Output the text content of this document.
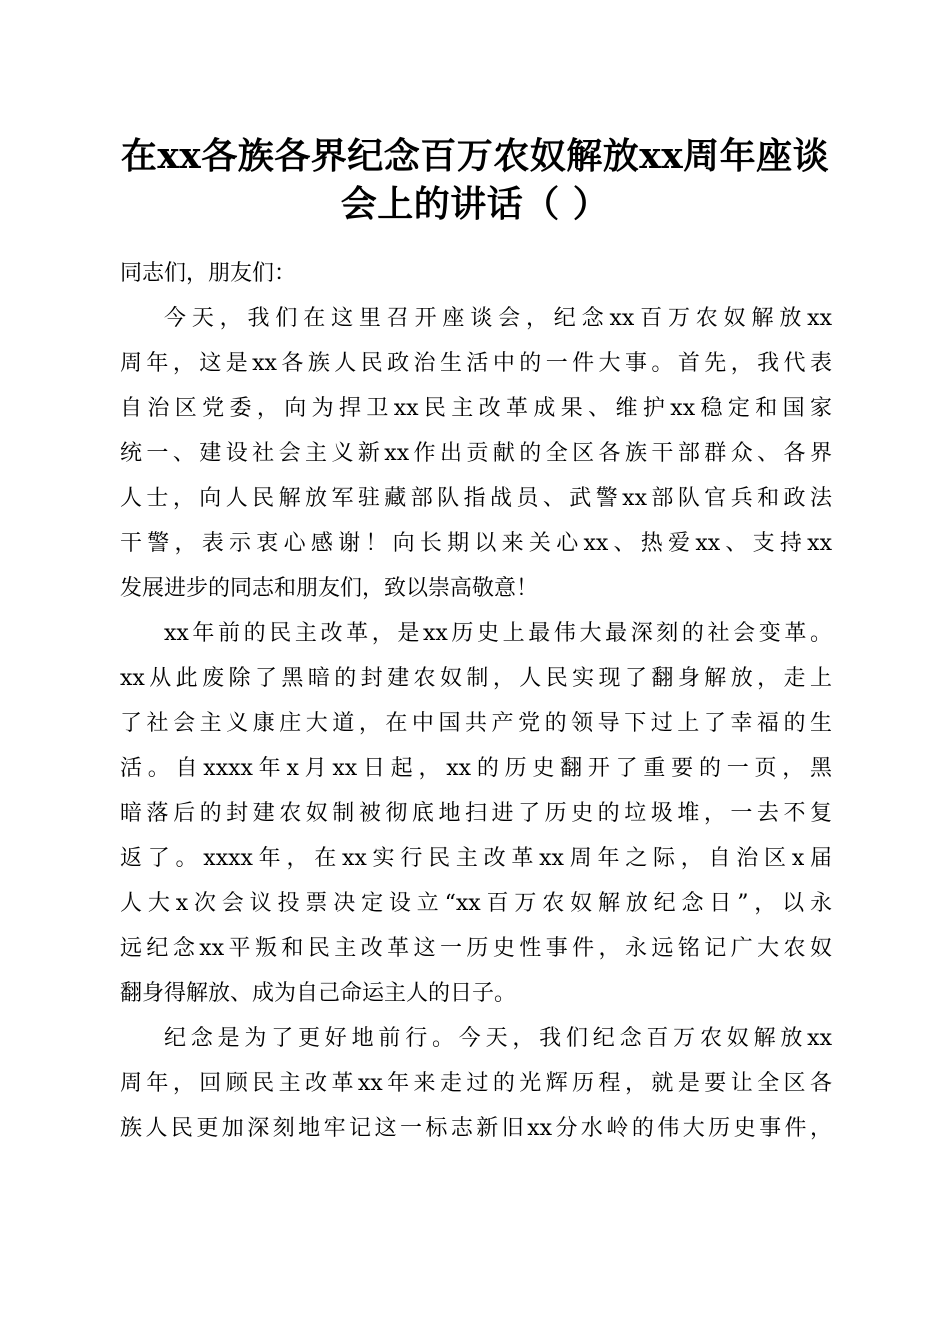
在xx各族各界纪念百万农奴解放xx周年座谈
会上的讲话（ ）

同志们，朋友们：

今天，我们在这里召开座谈会，纪念xx百万农奴解放xx
周年，这是xx各族人民政治生活中的一件大事。首先，我代表
自治区党委，向为捍卫xx民主改革成果、维护xx稳定和国家
统一、建设社会主义新xx作出贡献的全区各族干部群众、各界
人士，向人民解放军驻藏部队指战员、武警xx部队官兵和政法
干警，表示衷心感谢！向长期以来关心xx、热爱xx、支持xx
发展进步的同志和朋友们，致以崇高敬意！

xx年前的民主改革，是xx历史上最伟大最深刻的社会变革。
xx从此废除了黑暗的封建农奴制，人民实现了翻身解放，走上
了社会主义康庄大道，在中国共产党的领导下过上了幸福的生
活。自xxxx年x月xx日起，xx的历史翻开了重要的一页，黑
暗落后的封建农奴制被彻底地扫进了历史的垃圾堆，一去不复
返了。xxxx年，在xx实行民主改革xx周年之际，自治区x届
人大x次会议投票决定设立“xx百万农奴解放纪念日”，以永
远纪念xx平叛和民主改革这一历史性事件，永远铭记广大农奴
翻身得解放、成为自己命运主人的日子。

纪念是为了更好地前行。今天，我们纪念百万农奴解放xx
周年，回顾民主改革xx年来走过的光辉历程，就是要让全区各
族人民更加深刻地牢记这一标志新旧xx分水岭的伟大历史事件，
